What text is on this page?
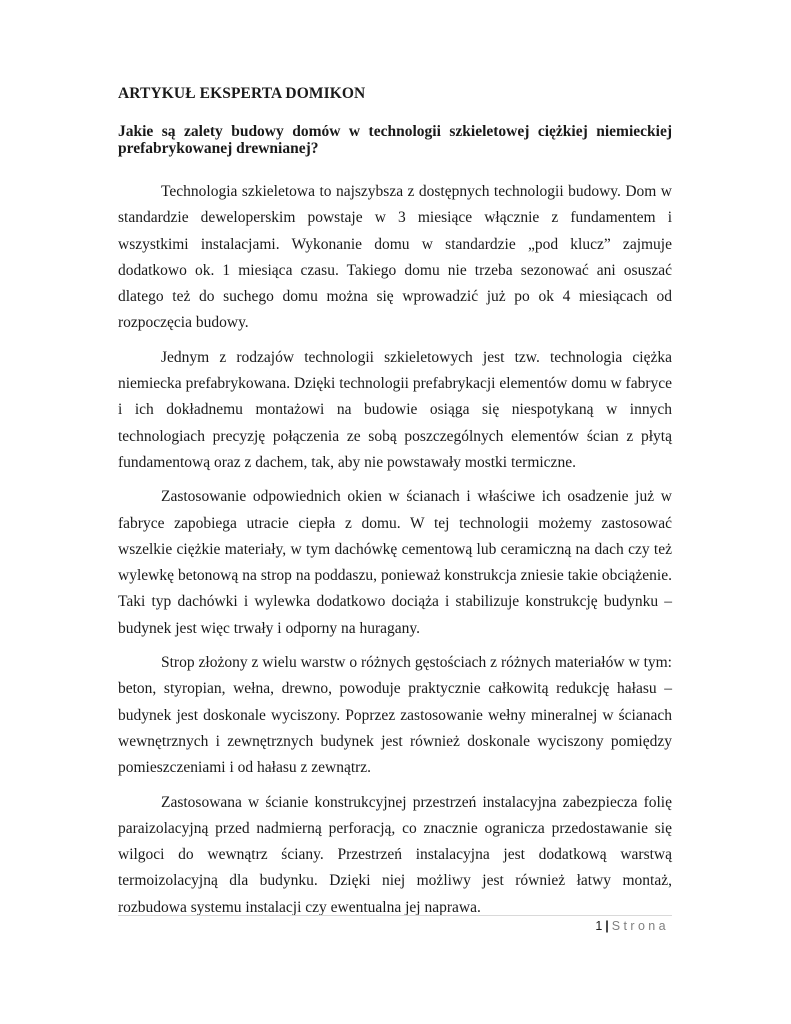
ARTYKUŁ EKSPERTA DOMIKON

Jakie są zalety budowy domów w technologii szkieletowej ciężkiej niemieckiej prefabrykowanej drewnianej?

Technologia szkieletowa to najszybsza z dostępnych technologii budowy. Dom w standardzie deweloperskim powstaje w 3 miesiące włącznie z fundamentem i wszystkimi instalacjami. Wykonanie domu w standardzie „pod klucz” zajmuje dodatkowo ok. 1 miesiąca czasu. Takiego domu nie trzeba sezonować ani osuszać dlatego też do suchego domu można się wprowadzić już po ok 4 miesiącach od rozpoczęcia budowy.

Jednym z rodzajów technologii szkieletowych jest tzw. technologia ciężka niemiecka prefabrykowana. Dzięki technologii prefabrykacji elementów domu w fabryce i ich dokładnemu montażowi na budowie osiąga się niespotykaną w innych technologiach precyzję połączenia ze sobą poszczególnych elementów ścian z płytą fundamentową oraz z dachem, tak, aby nie powstawały mostki termiczne.

Zastosowanie odpowiednich okien w ścianach i właściwe ich osadzenie już w fabryce zapobiega utracie ciepła z domu. W tej technologii możemy zastosować wszelkie ciężkie materiały, w tym dachówkę cementową lub ceramiczną na dach czy też wylewkę betonową na strop na poddaszu, ponieważ konstrukcja zniesie takie obciążenie. Taki typ dachówki i wylewka dodatkowo dociąża i stabilizuje konstrukcję budynku – budynek jest więc trwały i odporny na huragany.

Strop złożony z wielu warstw o różnych gęstościach z różnych materiałów w tym: beton, styropian, wełna, drewno, powoduje praktycznie całkowitą redukcję hałasu – budynek jest doskonale wyciszony. Poprzez zastosowanie wełny mineralnej w ścianach wewnętrznych i zewnętrznych budynek jest również doskonale wyciszony pomiędzy pomieszczeniami i od hałasu z zewnątrz.

Zastosowana w ścianie konstrukcyjnej przestrzeń instalacyjna zabezpiecza folię paraizolacyjną przed nadmierną perforacją, co znacznie ogranicza przedostawanie się wilgoci do wewnątrz ściany. Przestrzeń instalacyjna jest dodatkową warstwą termoizolacyjną dla budynku. Dzięki niej możliwy jest również łatwy montaż, rozbudowa systemu instalacji czy ewentualna jej naprawa.

1 | Strona
